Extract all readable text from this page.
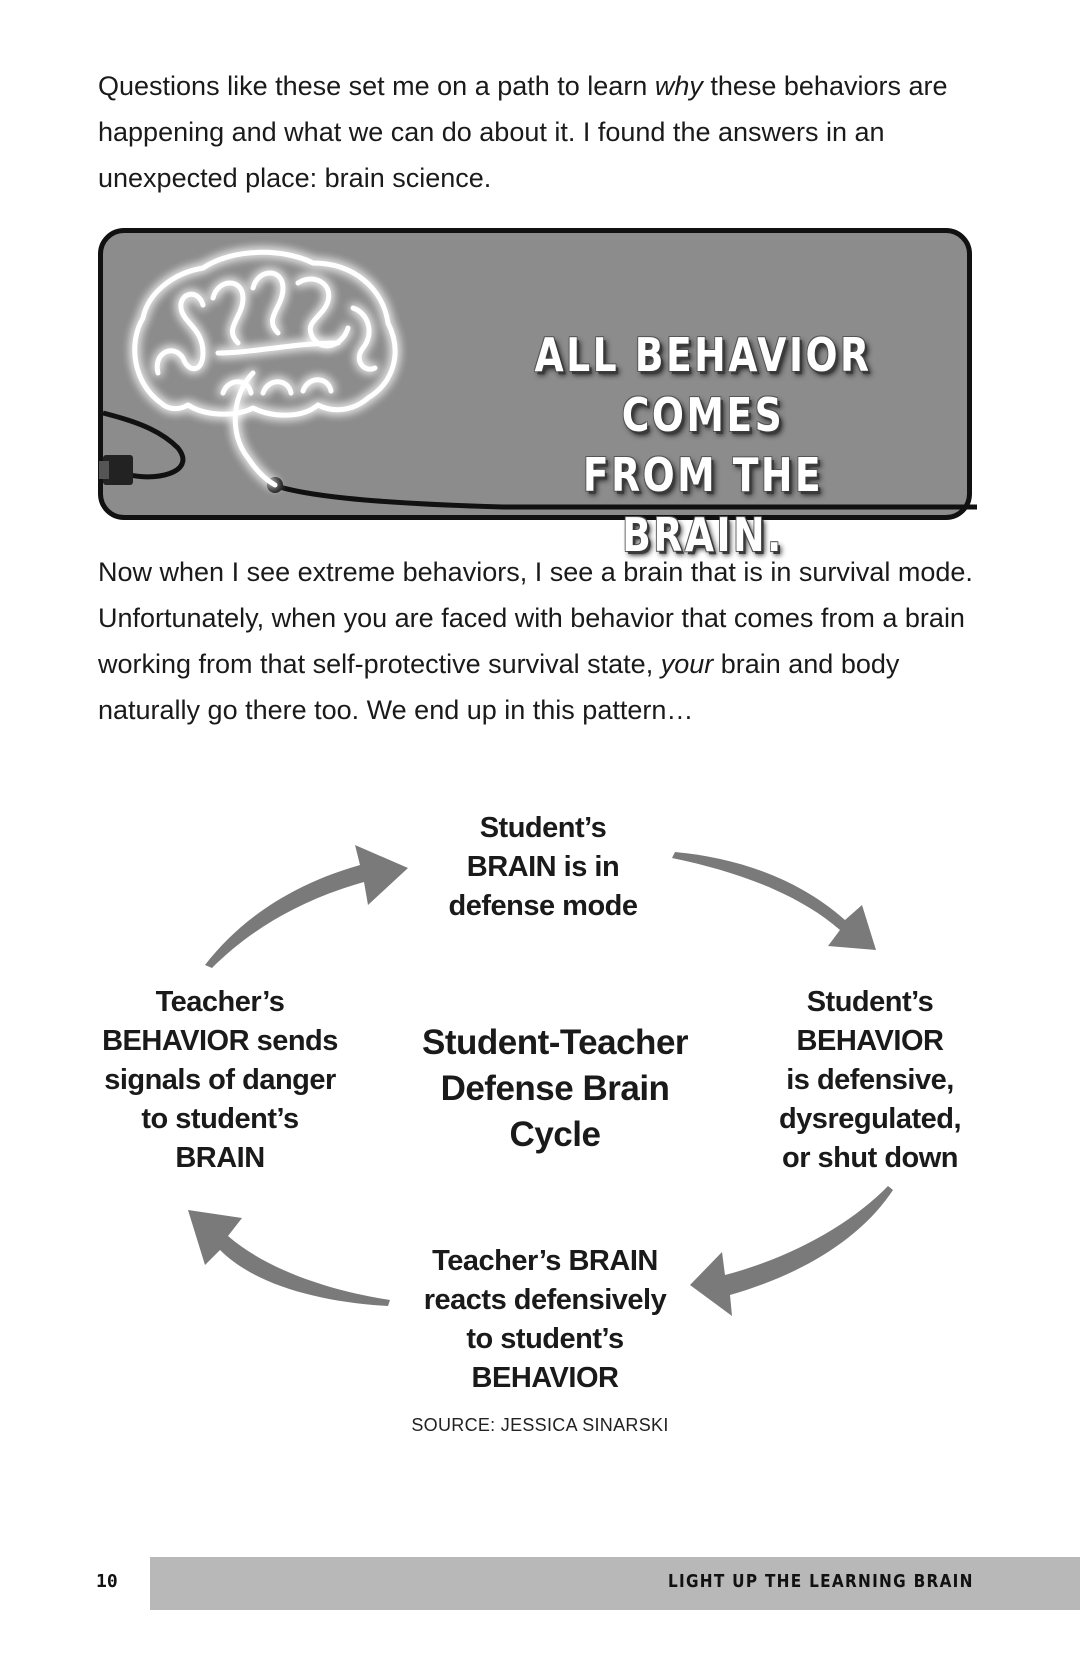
Questions like these set me on a path to learn why these behaviors are happening and what we can do about it. I found the answers in an unexpected place: brain science.

ALL BEHAVIOR COMES
FROM THE BRAIN.

Now when I see extreme behaviors, I see a brain that is in survival mode. Unfortunately, when you are faced with behavior that comes from a brain working from that self-protective survival state, your brain and body naturally go there too. We end up in this pattern…

Student’s
BRAIN is in
defense mode
Student’s
BEHAVIOR
is defensive,
dysregulated,
or shut down
Teacher’s BRAIN
reacts defensively
to student’s
BEHAVIOR
Teacher’s
BEHAVIOR sends
signals of danger
to student’s
BRAIN
Student-Teacher
Defense Brain
Cycle
SOURCE: JESSICA SINARSKI
10	LIGHT UP THE LEARNING BRAIN
